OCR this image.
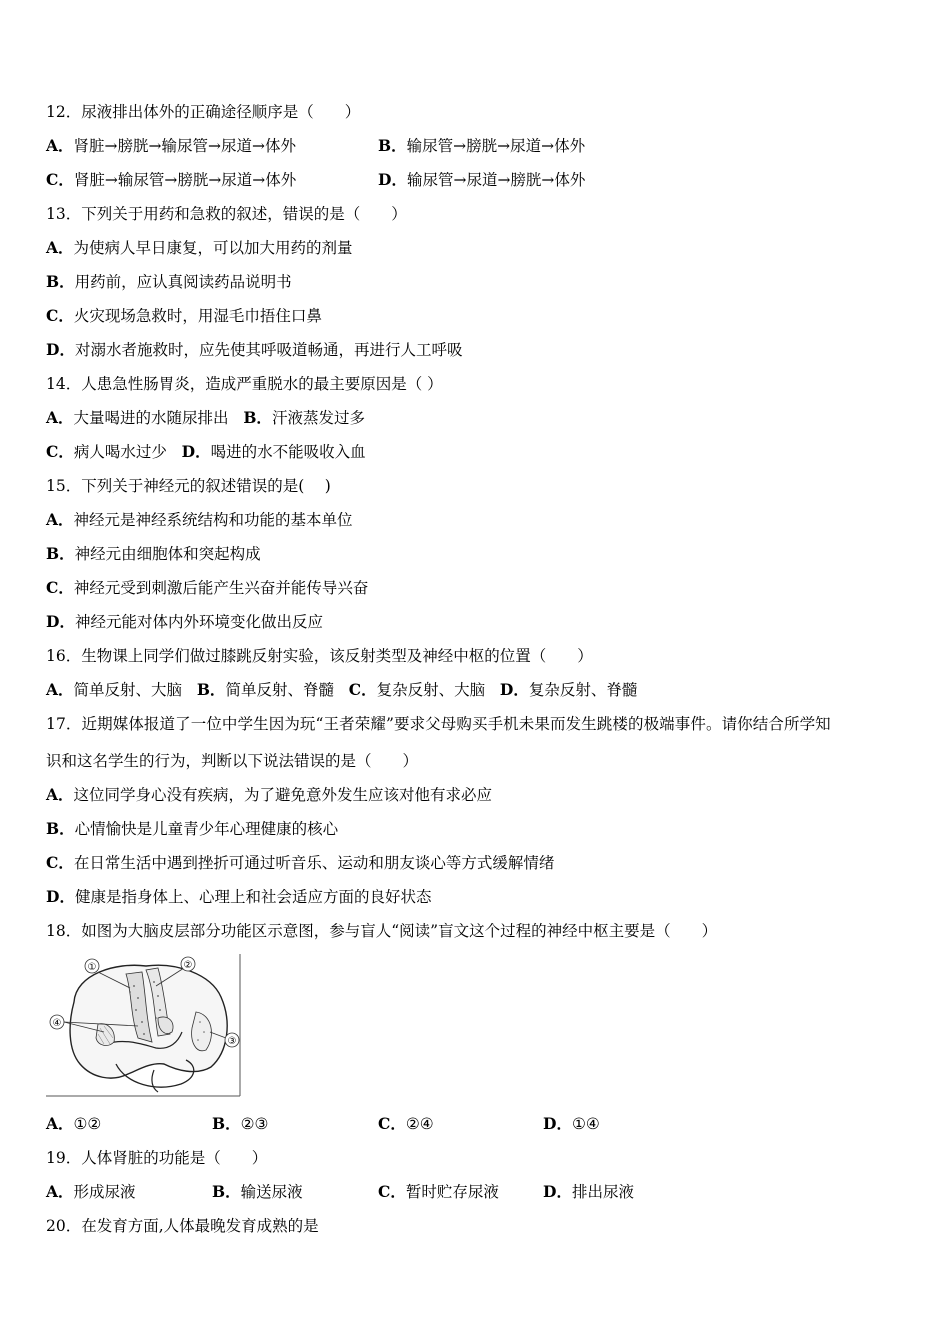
12．尿液排出体外的正确途径顺序是（　　）
A．肾脏→膀胱→输尿管→尿道→体外	B．输尿管→膀胱→尿道→体外
C．肾脏→输尿管→膀胱→尿道→体外	D．输尿管→尿道→膀胱→体外
13．下列关于用药和急救的叙述，错误的是（　　）
A．为使病人早日康复，可以加大用药的剂量
B．用药前，应认真阅读药品说明书
C．火灾现场急救时，用湿毛巾捂住口鼻
D．对溺水者施救时，应先使其呼吸道畅通，再进行人工呼吸
14．人患急性肠胃炎，造成严重脱水的最主要原因是（ ）
A．大量喝进的水随尿排出 B．汗液蒸发过多
C．病人喝水过少 D．喝进的水不能吸收入血
15．下列关于神经元的叙述错误的是(　 )
A．神经元是神经系统结构和功能的基本单位
B．神经元由细胞体和突起构成
C．神经元受到刺激后能产生兴奋并能传导兴奋
D．神经元能对体内外环境变化做出反应
16．生物课上同学们做过膝跳反射实验，该反射类型及神经中枢的位置（　　）
A．简单反射、大脑 B．简单反射、脊髓 C．复杂反射、大脑 D．复杂反射、脊髓
17．近期媒体报道了一位中学生因为玩“王者荣耀”要求父母购买手机未果而发生跳楼的极端事件。请你结合所学知
识和这名学生的行为，判断以下说法错误的是（　　）
A．这位同学身心没有疾病，为了避免意外发生应该对他有求必应
B．心情愉快是儿童青少年心理健康的核心
C．在日常生活中遇到挫折可通过听音乐、运动和朋友谈心等方式缓解情绪
D．健康是指身体上、心理上和社会适应方面的良好状态
18．如图为大脑皮层部分功能区示意图，参与盲人“阅读”盲文这个过程的神经中枢主要是（　　）
①	②
③
④
A．①②	B．②③	C．②④	D．①④
19．人体肾脏的功能是（　　）
A．形成尿液	B．输送尿液	C．暂时贮存尿液	D．排出尿液
20．在发育方面,人体最晚发育成熟的是
